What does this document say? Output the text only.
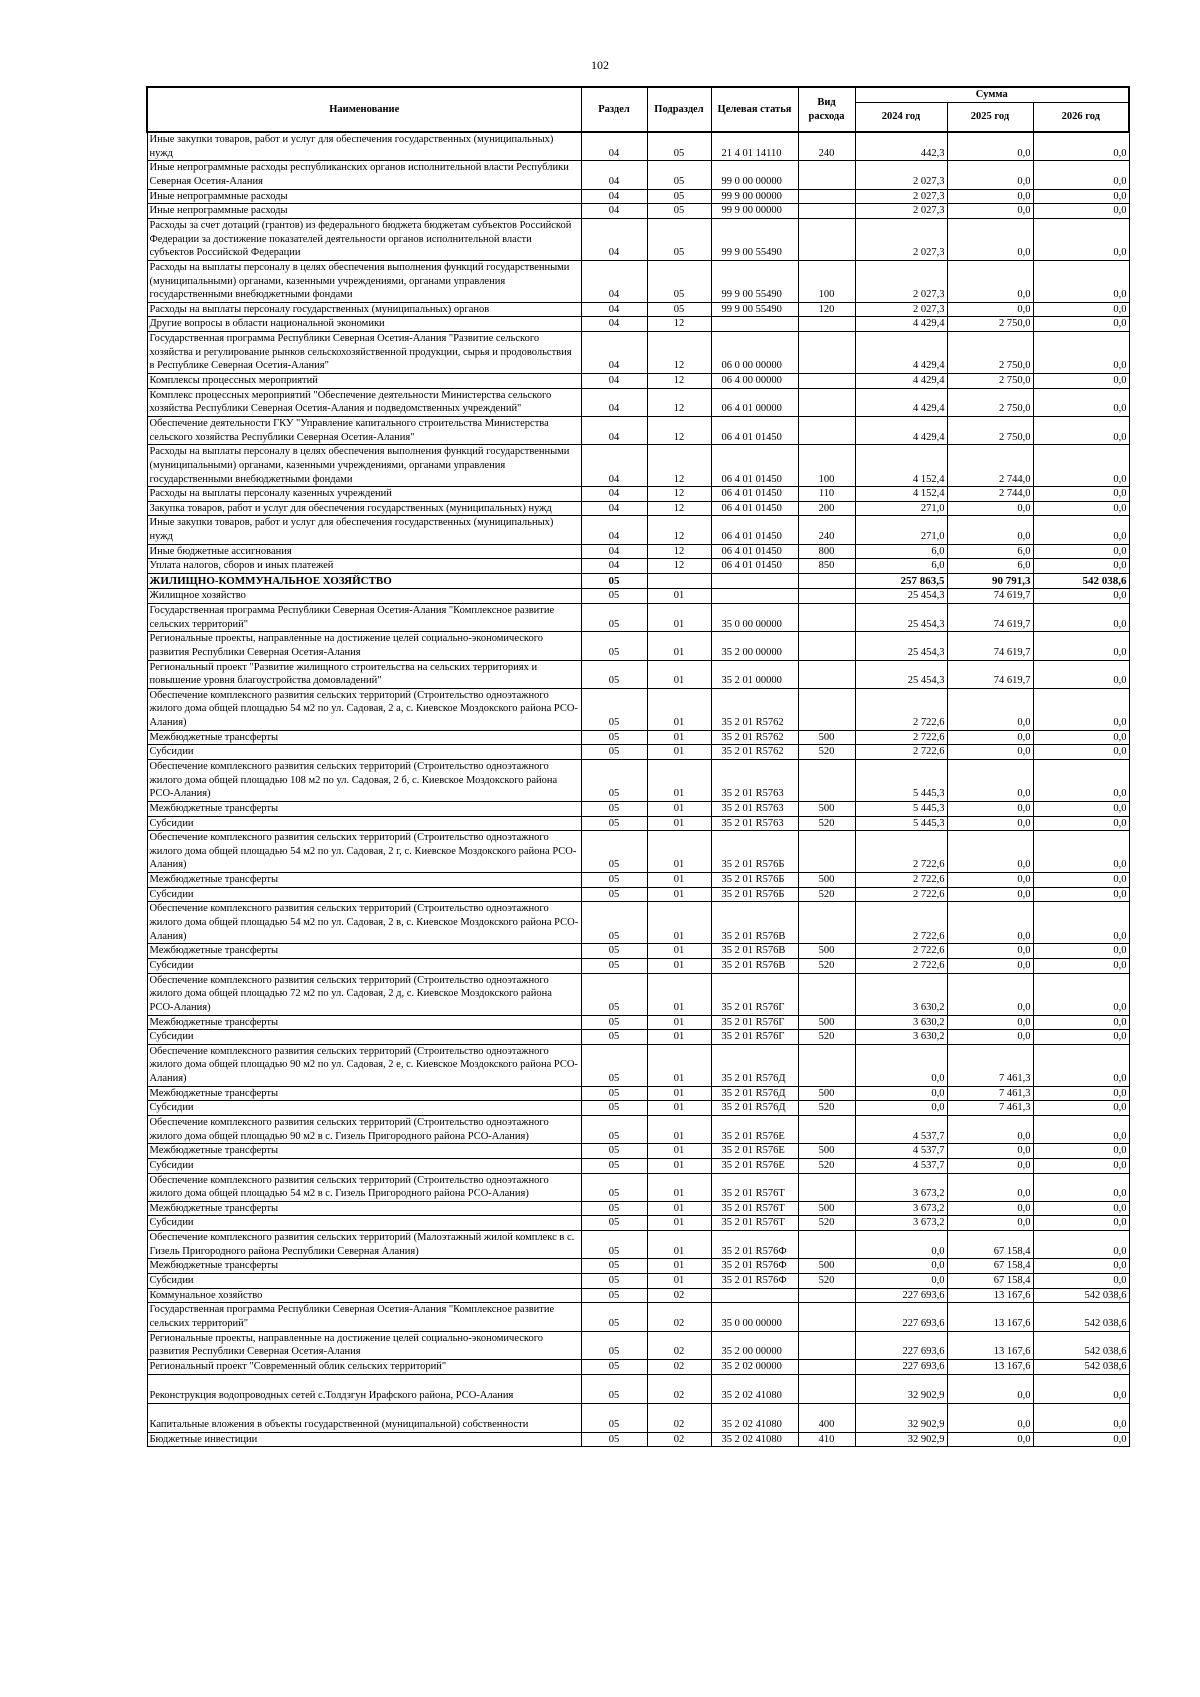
102
Наименование	Раздел	Подраздел	Целевая статья	Вид расхода	Сумма		
					2024 год	2025 год	2026 год
Иные закупки товаров, работ и услуг для обеспечения государственных (муниципальных) нужд	04	05	21 4 01 14110	240	442,3	0,0	0,0
Иные непрограммные расходы республиканских органов исполнительной власти Республики Северная Осетия-Алания	04	05	99 0 00 00000		2 027,3	0,0	0,0
Иные непрограммные расходы	04	05	99 9 00 00000		2 027,3	0,0	0,0
Иные непрограммные расходы	04	05	99 9 00 00000		2 027,3	0,0	0,0
Расходы за счет дотаций (грантов) из федерального бюджета бюджетам субъектов Российской Федерации за достижение показателей деятельности органов исполнительной власти субъектов Российской Федерации	04	05	99 9 00 55490		2 027,3	0,0	0,0
Расходы на выплаты персоналу в целях обеспечения выполнения функций государственными (муниципальными) органами, казенными учреждениями, органами управления государственными внебюджетными фондами	04	05	99 9 00 55490	100	2 027,3	0,0	0,0
Расходы на выплаты персоналу государственных (муниципальных) органов	04	05	99 9 00 55490	120	2 027,3	0,0	0,0
Другие вопросы в области национальной экономики	04	12			4 429,4	2 750,0	0,0
Государственная программа Республики Северная Осетия-Алания "Развитие сельского хозяйства и регулирование рынков сельскохозяйственной продукции, сырья и продовольствия в Республике Северная Осетия-Алания"	04	12	06 0 00 00000		4 429,4	2 750,0	0,0
Комплексы процессных мероприятий	04	12	06 4 00 00000		4 429,4	2 750,0	0,0
Комплекс процессных мероприятий "Обеспечение деятельности Министерства сельского хозяйства Республики Северная Осетия-Алания и подведомственных учреждений"	04	12	06 4 01 00000		4 429,4	2 750,0	0,0
Обеспечение деятельности ГКУ "Управление капитального строительства Министерства сельского хозяйства Республики Северная Осетия-Алания"	04	12	06 4 01 01450		4 429,4	2 750,0	0,0
Расходы на выплаты персоналу в целях обеспечения выполнения функций государственными (муниципальными) органами, казенными учреждениями, органами управления государственными внебюджетными фондами	04	12	06 4 01 01450	100	4 152,4	2 744,0	0,0
Расходы на выплаты персоналу казенных учреждений	04	12	06 4 01 01450	110	4 152,4	2 744,0	0,0
Закупка товаров, работ и услуг для обеспечения государственных (муниципальных) нужд	04	12	06 4 01 01450	200	271,0	0,0	0,0
Иные закупки товаров, работ и услуг для обеспечения государственных (муниципальных) нужд	04	12	06 4 01 01450	240	271,0	0,0	0,0
Иные бюджетные ассигнования	04	12	06 4 01 01450	800	6,0	6,0	0,0
Уплата налогов, сборов и иных платежей	04	12	06 4 01 01450	850	6,0	6,0	0,0
ЖИЛИЩНО-КОММУНАЛЬНОЕ ХОЗЯЙСТВО	05				257 863,5	90 791,3	542 038,6
Жилищное хозяйство	05	01			25 454,3	74 619,7	0,0
Государственная программа Республики Северная Осетия-Алания "Комплексное развитие сельских территорий"	05	01	35 0 00 00000		25 454,3	74 619,7	0,0
Региональные проекты, направленные на достижение целей социально-экономического развития Республики Северная Осетия-Алания	05	01	35 2 00 00000		25 454,3	74 619,7	0,0
Региональный проект "Развитие жилищного строительства на сельских территориях и повышение уровня благоустройства домовладений"	05	01	35 2 01 00000		25 454,3	74 619,7	0,0
Обеспечение комплексного развития сельских территорий (Строительство одноэтажного жилого дома общей площадью 54 м2 по ул. Садовая, 2 а, с. Киевское Моздокского района РСО-Алания)	05	01	35 2 01 R5762		2 722,6	0,0	0,0
Межбюджетные трансферты	05	01	35 2 01 R5762	500	2 722,6	0,0	0,0
Субсидии	05	01	35 2 01 R5762	520	2 722,6	0,0	0,0
Обеспечение комплексного развития сельских территорий (Строительство одноэтажного жилого дома общей площадью 108 м2 по ул. Садовая, 2 б, с. Киевское Моздокского района РСО-Алания)	05	01	35 2 01 R5763		5 445,3	0,0	0,0
Межбюджетные трансферты	05	01	35 2 01 R5763	500	5 445,3	0,0	0,0
Субсидии	05	01	35 2 01 R5763	520	5 445,3	0,0	0,0
Обеспечение комплексного развития сельских территорий (Строительство одноэтажного жилого дома общей площадью 54 м2 по ул. Садовая, 2 г, с. Киевское Моздокского района РСО-Алания)	05	01	35 2 01 R576Б		2 722,6	0,0	0,0
Межбюджетные трансферты	05	01	35 2 01 R576Б	500	2 722,6	0,0	0,0
Субсидии	05	01	35 2 01 R576Б	520	2 722,6	0,0	0,0
Обеспечение комплексного развития сельских территорий (Строительство одноэтажного жилого дома общей площадью 54 м2 по ул. Садовая, 2 в, с. Киевское Моздокского района РСО-Алания)	05	01	35 2 01 R576В		2 722,6	0,0	0,0
Межбюджетные трансферты	05	01	35 2 01 R576В	500	2 722,6	0,0	0,0
Субсидии	05	01	35 2 01 R576В	520	2 722,6	0,0	0,0
Обеспечение комплексного развития сельских территорий (Строительство одноэтажного жилого дома общей площадью 72 м2 по ул. Садовая, 2 д, с. Киевское Моздокского района РСО-Алания)	05	01	35 2 01 R576Г		3 630,2	0,0	0,0
Межбюджетные трансферты	05	01	35 2 01 R576Г	500	3 630,2	0,0	0,0
Субсидии	05	01	35 2 01 R576Г	520	3 630,2	0,0	0,0
Обеспечение комплексного развития сельских территорий (Строительство одноэтажного жилого дома общей площадью 90 м2 по ул. Садовая, 2 е, с. Киевское Моздокского района РСО-Алания)	05	01	35 2 01 R576Д		0,0	7 461,3	0,0
Межбюджетные трансферты	05	01	35 2 01 R576Д	500	0,0	7 461,3	0,0
Субсидии	05	01	35 2 01 R576Д	520	0,0	7 461,3	0,0
Обеспечение комплексного развития сельских территорий (Строительство одноэтажного жилого дома общей площадью 90 м2 в с. Гизель Пригородного района РСО-Алания)	05	01	35 2 01 R576Е		4 537,7	0,0	0,0
Межбюджетные трансферты	05	01	35 2 01 R576Е	500	4 537,7	0,0	0,0
Субсидии	05	01	35 2 01 R576Е	520	4 537,7	0,0	0,0
Обеспечение комплексного развития сельских территорий (Строительство одноэтажного жилого дома общей площадью 54 м2 в с. Гизель Пригородного района РСО-Алания)	05	01	35 2 01 R576Т		3 673,2	0,0	0,0
Межбюджетные трансферты	05	01	35 2 01 R576Т	500	3 673,2	0,0	0,0
Субсидии	05	01	35 2 01 R576Т	520	3 673,2	0,0	0,0
Обеспечение комплексного развития сельских территорий (Малоэтажный жилой комплекс в с. Гизель Пригородного района Республики Северная Алания)	05	01	35 2 01 R576Ф		0,0	67 158,4	0,0
Межбюджетные трансферты	05	01	35 2 01 R576Ф	500	0,0	67 158,4	0,0
Субсидии	05	01	35 2 01 R576Ф	520	0,0	67 158,4	0,0
Коммунальное хозяйство	05	02			227 693,6	13 167,6	542 038,6
Государственная программа Республики Северная Осетия-Алания "Комплексное развитие сельских территорий"	05	02	35 0 00 00000		227 693,6	13 167,6	542 038,6
Региональные проекты, направленные на достижение целей социально-экономического развития Республики Северная Осетия-Алания	05	02	35 2 00 00000		227 693,6	13 167,6	542 038,6
Региональный проект "Современный облик сельских территорий"	05	02	35 2 02 00000		227 693,6	13 167,6	542 038,6
Реконструкция водопроводных сетей с.Толдзгун Ирафского района, РСО-Алания	05	02	35 2 02 41080		32 902,9	0,0	0,0
Капитальные вложения в объекты государственной (муниципальной) собственности	05	02	35 2 02 41080	400	32 902,9	0,0	0,0
Бюджетные инвестиции	05	02	35 2 02 41080	410	32 902,9	0,0	0,0
